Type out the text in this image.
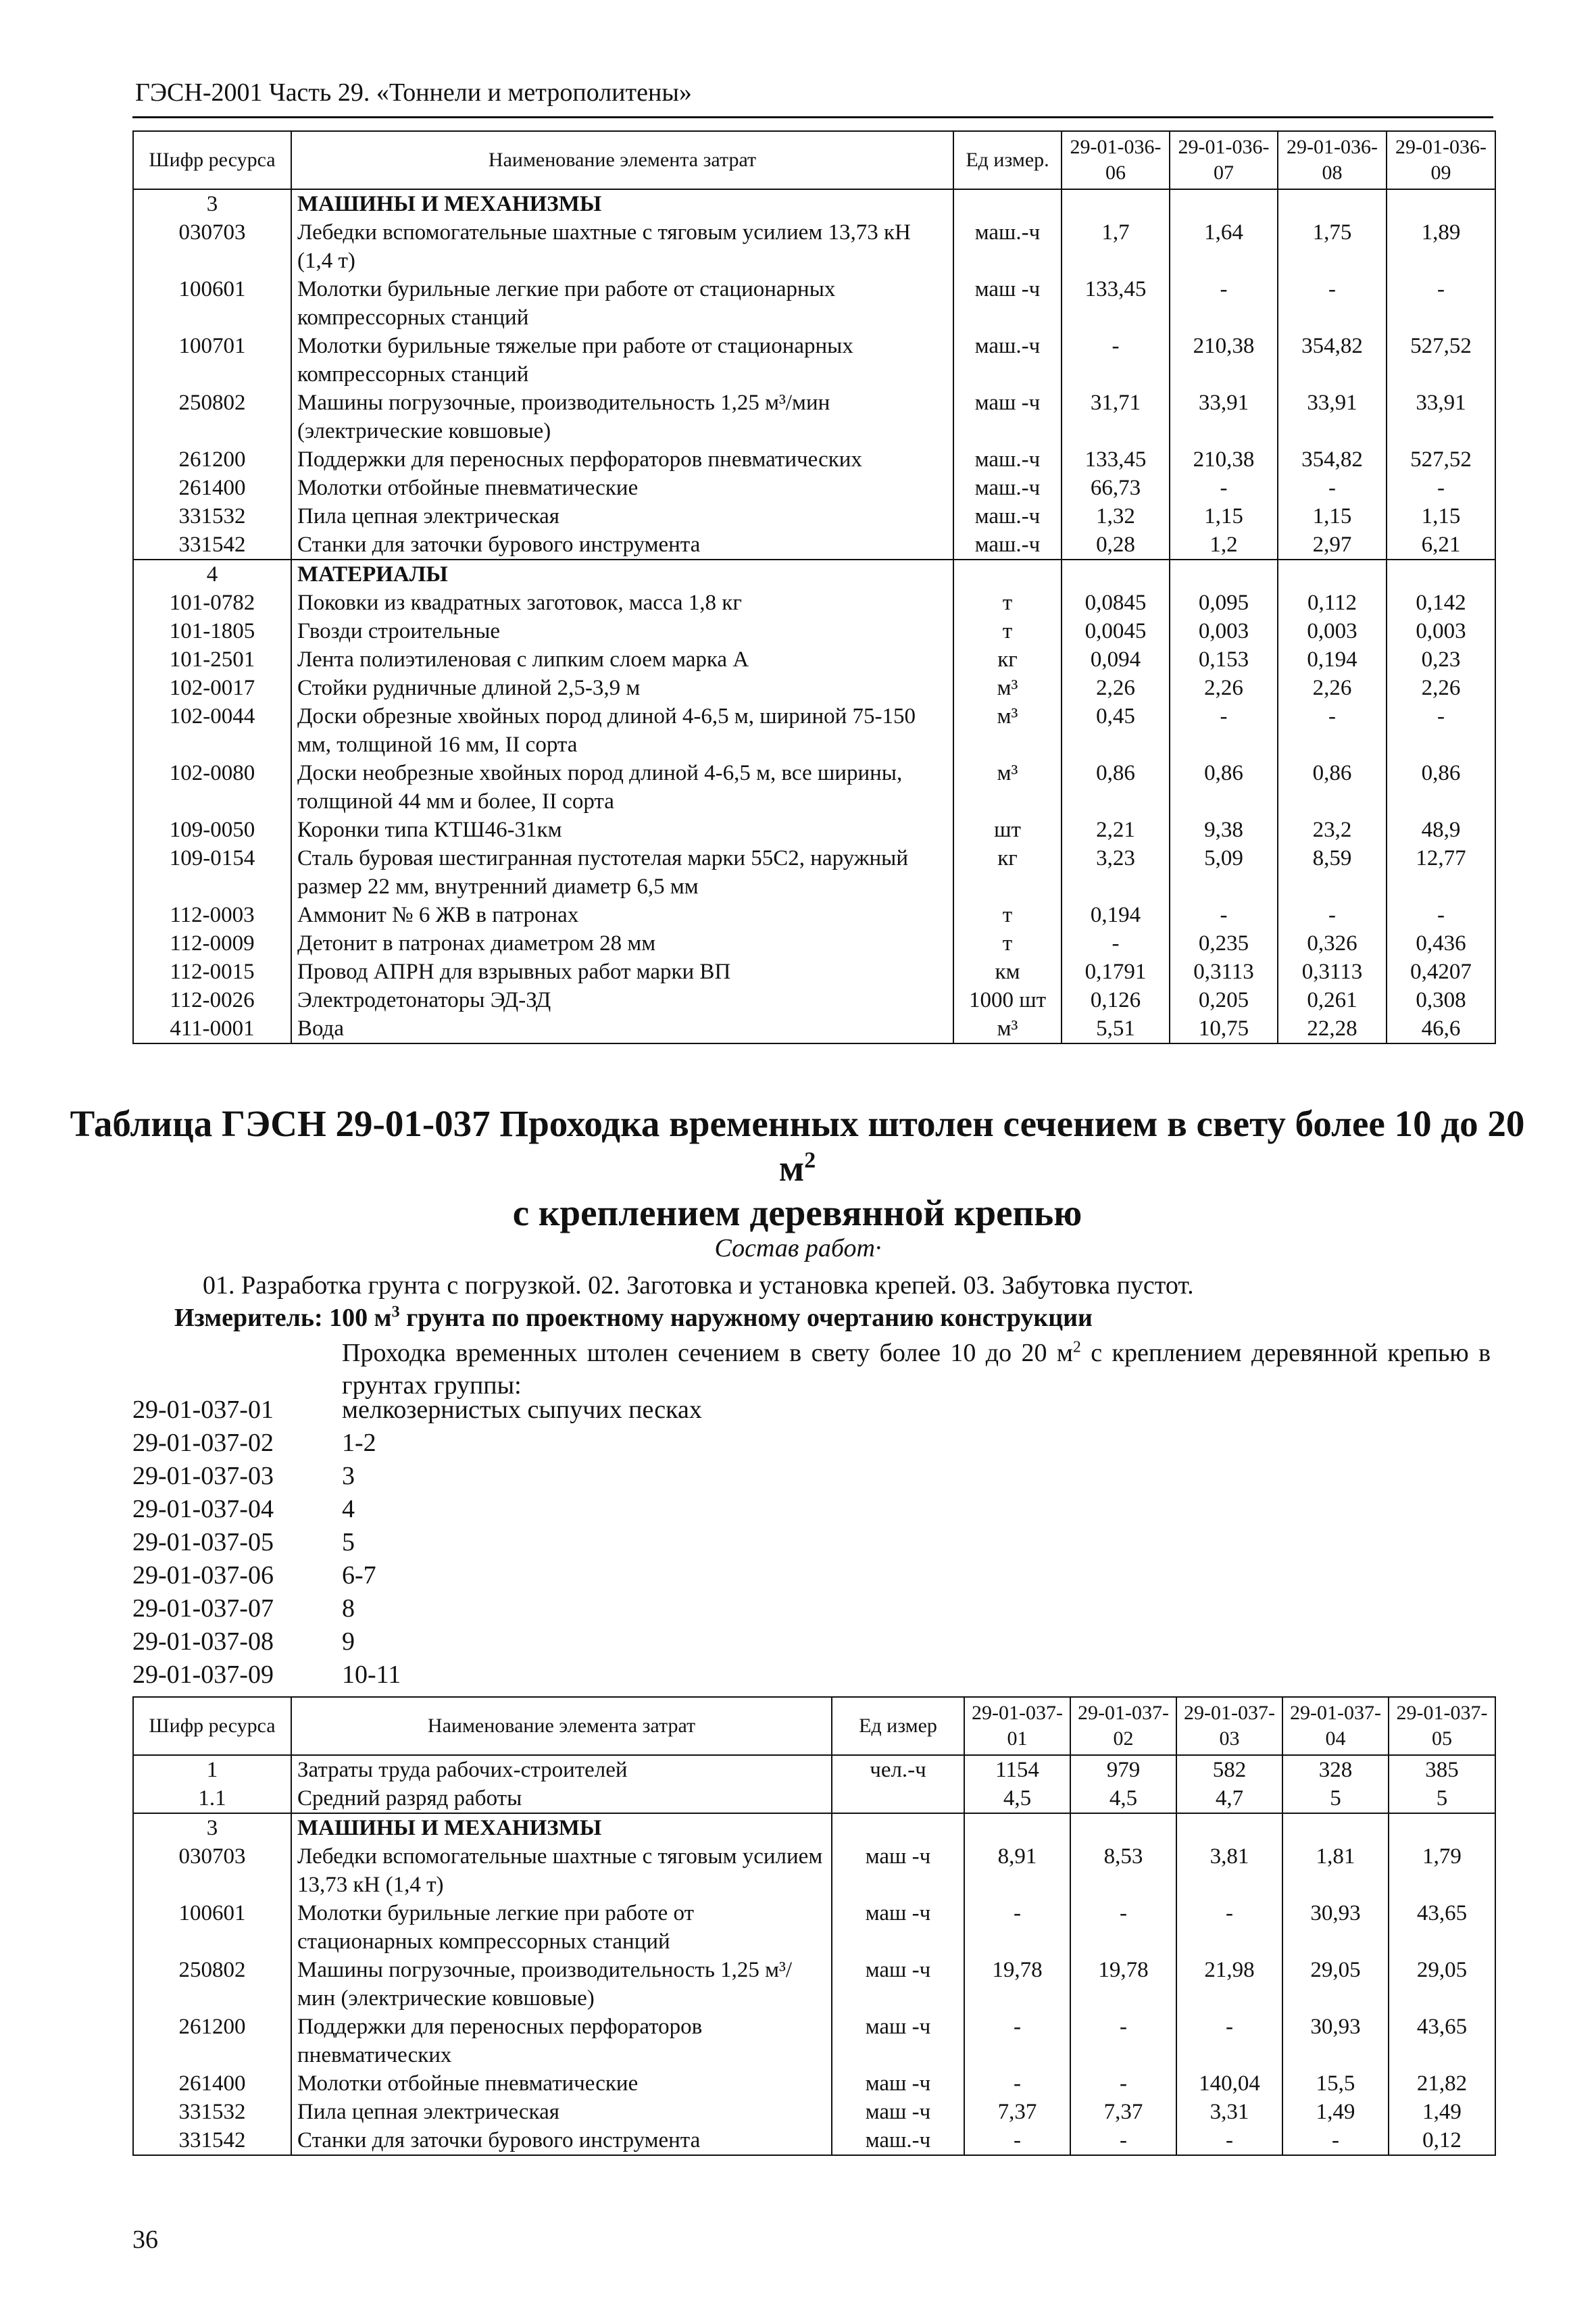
ГЭСН-2001 Часть 29. «Тоннели и метрополитены»
Шифр ресурса	Наименование элемента затрат	Ед измер.	29-01-036-06	29-01-036-07	29-01-036-08	29-01-036-09
3	МАШИНЫ И МЕХАНИЗМЫ					
030703	Лебедки вспомогательные шахтные с тяговым усилием 13,73 кН (1,4 т)	маш.-ч	1,7	1,64	1,75	1,89
100601	Молотки бурильные легкие при работе от стационарных компрессорных станций	маш -ч	133,45	-	-	-
100701	Молотки бурильные тяжелые при работе от стационарных компрессорных станций	маш.-ч	-	210,38	354,82	527,52
250802	Машины погрузочные, производительность 1,25 м³/мин (электрические ковшовые)	маш -ч	31,71	33,91	33,91	33,91
261200	Поддержки для переносных перфораторов пневматических	маш.-ч	133,45	210,38	354,82	527,52
261400	Молотки отбойные пневматические	маш.-ч	66,73	-	-	-
331532	Пила цепная электрическая	маш.-ч	1,32	1,15	1,15	1,15
331542	Станки для заточки бурового инструмента	маш.-ч	0,28	1,2	2,97	6,21
4	МАТЕРИАЛЫ					
101-0782	Поковки из квадратных заготовок, масса 1,8 кг	т	0,0845	0,095	0,112	0,142
101-1805	Гвозди строительные	т	0,0045	0,003	0,003	0,003
101-2501	Лента полиэтиленовая с липким слоем марка А	кг	0,094	0,153	0,194	0,23
102-0017	Стойки рудничные длиной 2,5-3,9 м	м³	2,26	2,26	2,26	2,26
102-0044	Доски обрезные хвойных пород длиной 4-6,5 м, шириной 75-150 мм, толщиной 16 мм, II сорта	м³	0,45	-	-	-
102-0080	Доски необрезные хвойных пород длиной 4-6,5 м, все ширины, толщиной 44 мм и более, II сорта	м³	0,86	0,86	0,86	0,86
109-0050	Коронки типа КТШ46-31км	шт	2,21	9,38	23,2	48,9
109-0154	Сталь буровая шестигранная пустотелая марки 55С2, наружный размер 22 мм, внутренний диаметр 6,5 мм	кг	3,23	5,09	8,59	12,77
112-0003	Аммонит № 6 ЖВ в патронах	т	0,194	-	-	-
112-0009	Детонит в патронах диаметром 28 мм	т	-	0,235	0,326	0,436
112-0015	Провод АПРН для взрывных работ марки ВП	км	0,1791	0,3113	0,3113	0,4207
112-0026	Электродетонаторы ЭД-ЗД	1000 шт	0,126	0,205	0,261	0,308
411-0001	Вода	м³	5,51	10,75	22,28	46,6
Таблица ГЭСН 29-01-037 Проходка временных штолен сечением в свету более 10 до 20 $м^2$
с креплением деревянной крепью
Состав работ·
01. Разработка грунта с погрузкой. 02. Заготовка и установка крепей. 03. Забутовка пустот.
Измеритель: 100 $м^3$ грунта по проектному наружному очертанию конструкции
Проходка временных штолен сечением в свету более 10 до 20 $м^2$ с креплением деревянной крепью в грунтах группы:
29-01-037-01	мелкозернистых сыпучих песках
29-01-037-02	1-2
29-01-037-03	3
29-01-037-04	4
29-01-037-05	5
29-01-037-06	6-7
29-01-037-07	8
29-01-037-08	9
29-01-037-09	10-11
Шифр ресурса	Наименование элемента затрат	Ед измер	29-01-037-01	29-01-037-02	29-01-037-03	29-01-037-04	29-01-037-05
1	Затраты труда рабочих-строителей	чел.-ч	1154	979	582	328	385
1.1	Средний разряд работы		4,5	4,5	4,7	5	5
3	МАШИНЫ И МЕХАНИЗМЫ						
030703	Лебедки вспомогательные шахтные с тяговым усилием 13,73 кН (1,4 т)	маш -ч	8,91	8,53	3,81	1,81	1,79
100601	Молотки бурильные легкие при работе от стационарных компрессорных станций	маш -ч	-	-	-	30,93	43,65
250802	Машины погрузочные, производительность 1,25 м³/мин (электрические ковшовые)	маш -ч	19,78	19,78	21,98	29,05	29,05
261200	Поддержки для переносных перфораторов пневматических	маш -ч	-	-	-	30,93	43,65
261400	Молотки отбойные пневматические	маш -ч	-	-	140,04	15,5	21,82
331532	Пила цепная электрическая	маш -ч	7,37	7,37	3,31	1,49	1,49
331542	Станки для заточки бурового инструмента	маш.-ч	-	-	-	-	0,12
36
